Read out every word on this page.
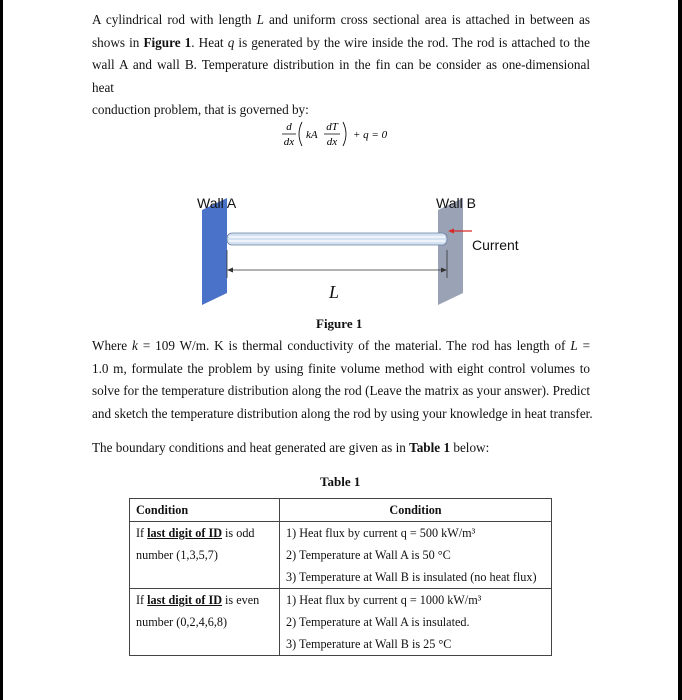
A cylindrical rod with length L and uniform cross sectional area is attached in between as
shows in Figure 1. Heat q is generated by the wire inside the rod. The rod is attached to the
wall A and wall B. Temperature distribution in the fin can be consider as one-dimensional heat
conduction problem, that is governed by:
d
dx
kA
dT
dx
+ q = 0
Wall A	Wall B
Current
L
Figure 1
Where k = 109 W/m. K is thermal conductivity of the material. The rod has length of L =
1.0 m, formulate the problem by using finite volume method with eight control volumes to
solve for the temperature distribution along the rod (Leave the matrix as your answer). Predict
and sketch the temperature distribution along the rod by using your knowledge in heat transfer.
The boundary conditions and heat generated are given as in Table 1 below:
Table 1
Condition	Condition
If last digit of ID is odd
number (1,3,5,7)	1) Heat flux by current q = 500 kW/m³
2) Temperature at Wall A is 50 °C
3) Temperature at Wall B is insulated (no heat flux)

If last digit of ID is even
number (0,2,4,6,8)	1) Heat flux by current q = 1000 kW/m³
2) Temperature at Wall A is insulated.
3) Temperature at Wall B is 25 °C
